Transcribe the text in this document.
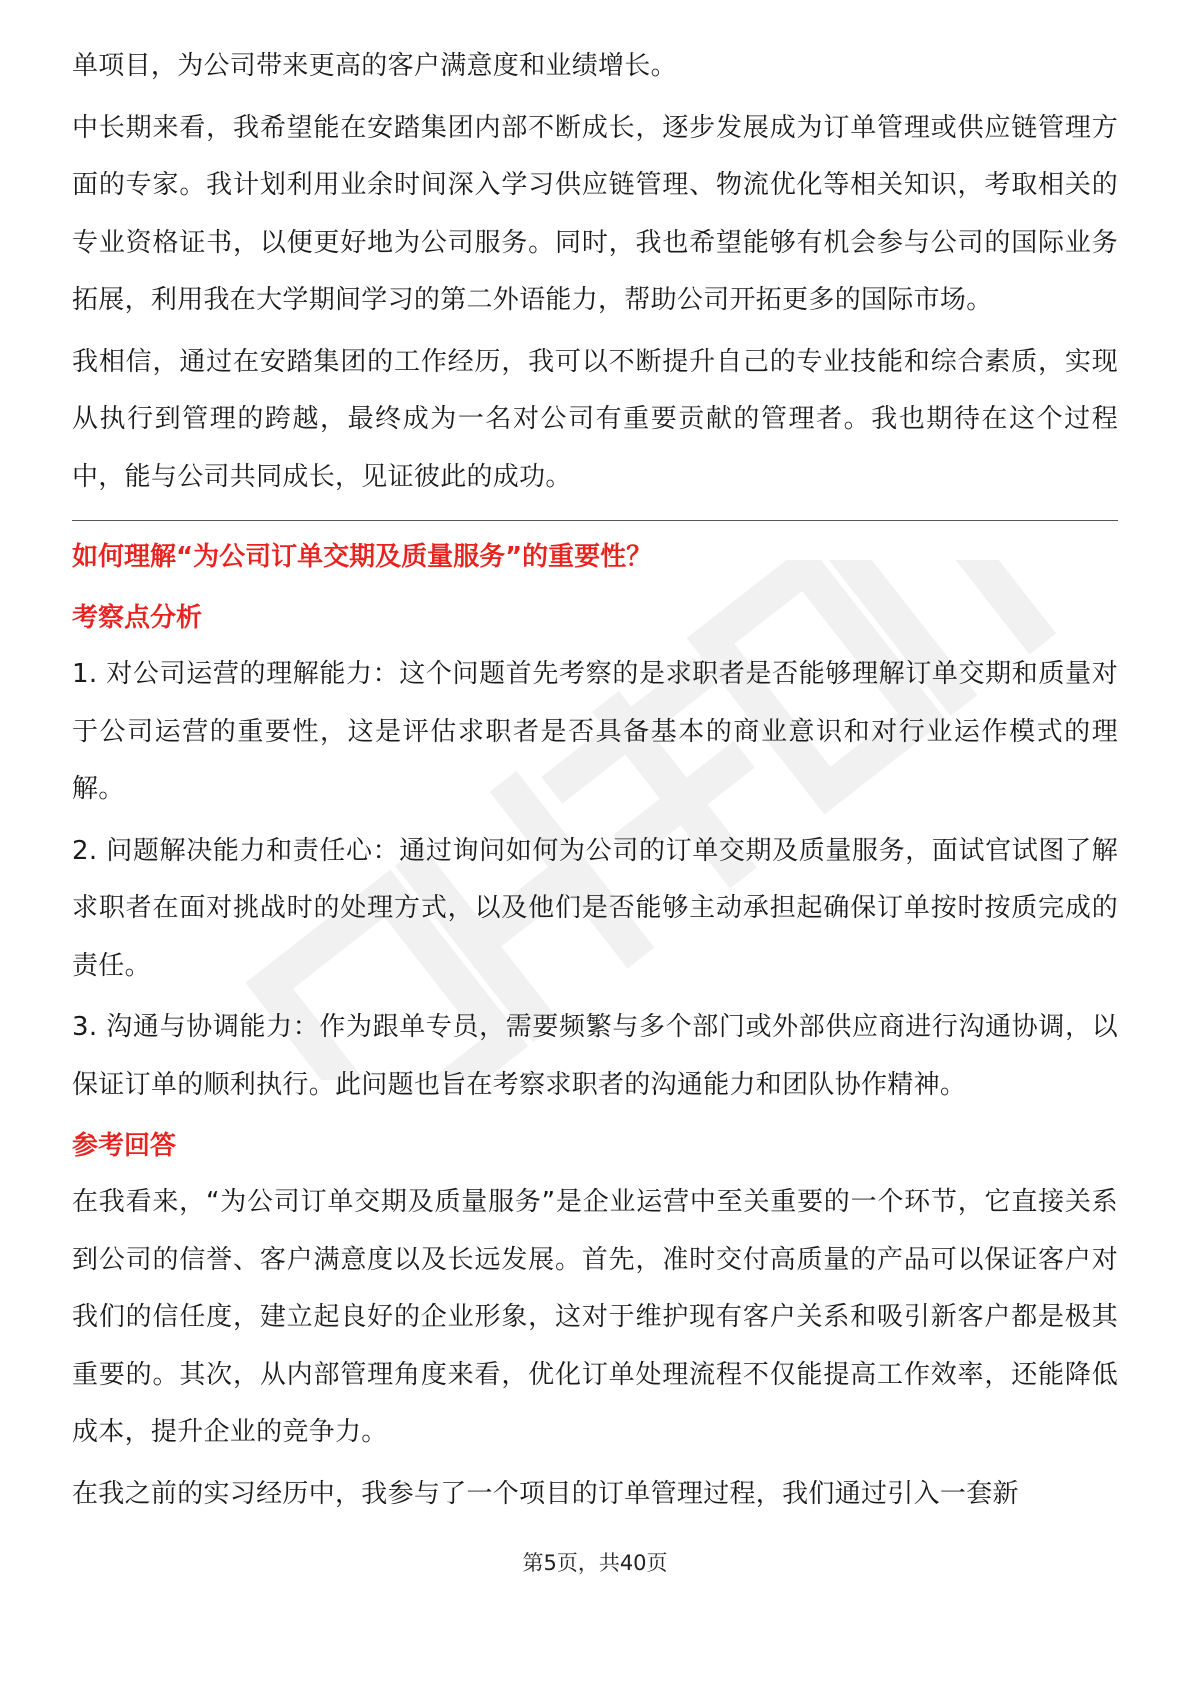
单项目，为公司带来更高的客户满意度和业绩增长。

中长期来看，我希望能在安踏集团内部不断成长，逐步发展成为订单管理或供应链管理方面的专家。我计划利用业余时间深入学习供应链管理、物流优化等相关知识，考取相关的专业资格证书，以便更好地为公司服务。同时，我也希望能够有机会参与公司的国际业务拓展，利用我在大学期间学习的第二外语能力，帮助公司开拓更多的国际市场。

我相信，通过在安踏集团的工作经历，我可以不断提升自己的专业技能和综合素质，实现从执行到管理的跨越，最终成为一名对公司有重要贡献的管理者。我也期待在这个过程中，能与公司共同成长，见证彼此的成功。

如何理解“为公司订单交期及质量服务”的重要性？
考察点分析

1. 对公司运营的理解能力：这个问题首先考察的是求职者是否能够理解订单交期和质量对于公司运营的重要性，这是评估求职者是否具备基本的商业意识和对行业运作模式的理解。

2. 问题解决能力和责任心：通过询问如何为公司的订单交期及质量服务，面试官试图了解求职者在面对挑战时的处理方式，以及他们是否能够主动承担起确保订单按时按质完成的责任。

3. 沟通与协调能力：作为跟单专员，需要频繁与多个部门或外部供应商进行沟通协调，以保证订单的顺利执行。此问题也旨在考察求职者的沟通能力和团队协作精神。

参考回答

在我看来，“为公司订单交期及质量服务”是企业运营中至关重要的一个环节，它直接关系到公司的信誉、客户满意度以及长远发展。首先，准时交付高质量的产品可以保证客户对我们的信任度，建立起良好的企业形象，这对于维护现有客户关系和吸引新客户都是极其重要的。其次，从内部管理角度来看，优化订单处理流程不仅能提高工作效率，还能降低成本，提升企业的竞争力。

在我之前的实习经历中，我参与了一个项目的订单管理过程，我们通过引入一套新

第5页，共40页
